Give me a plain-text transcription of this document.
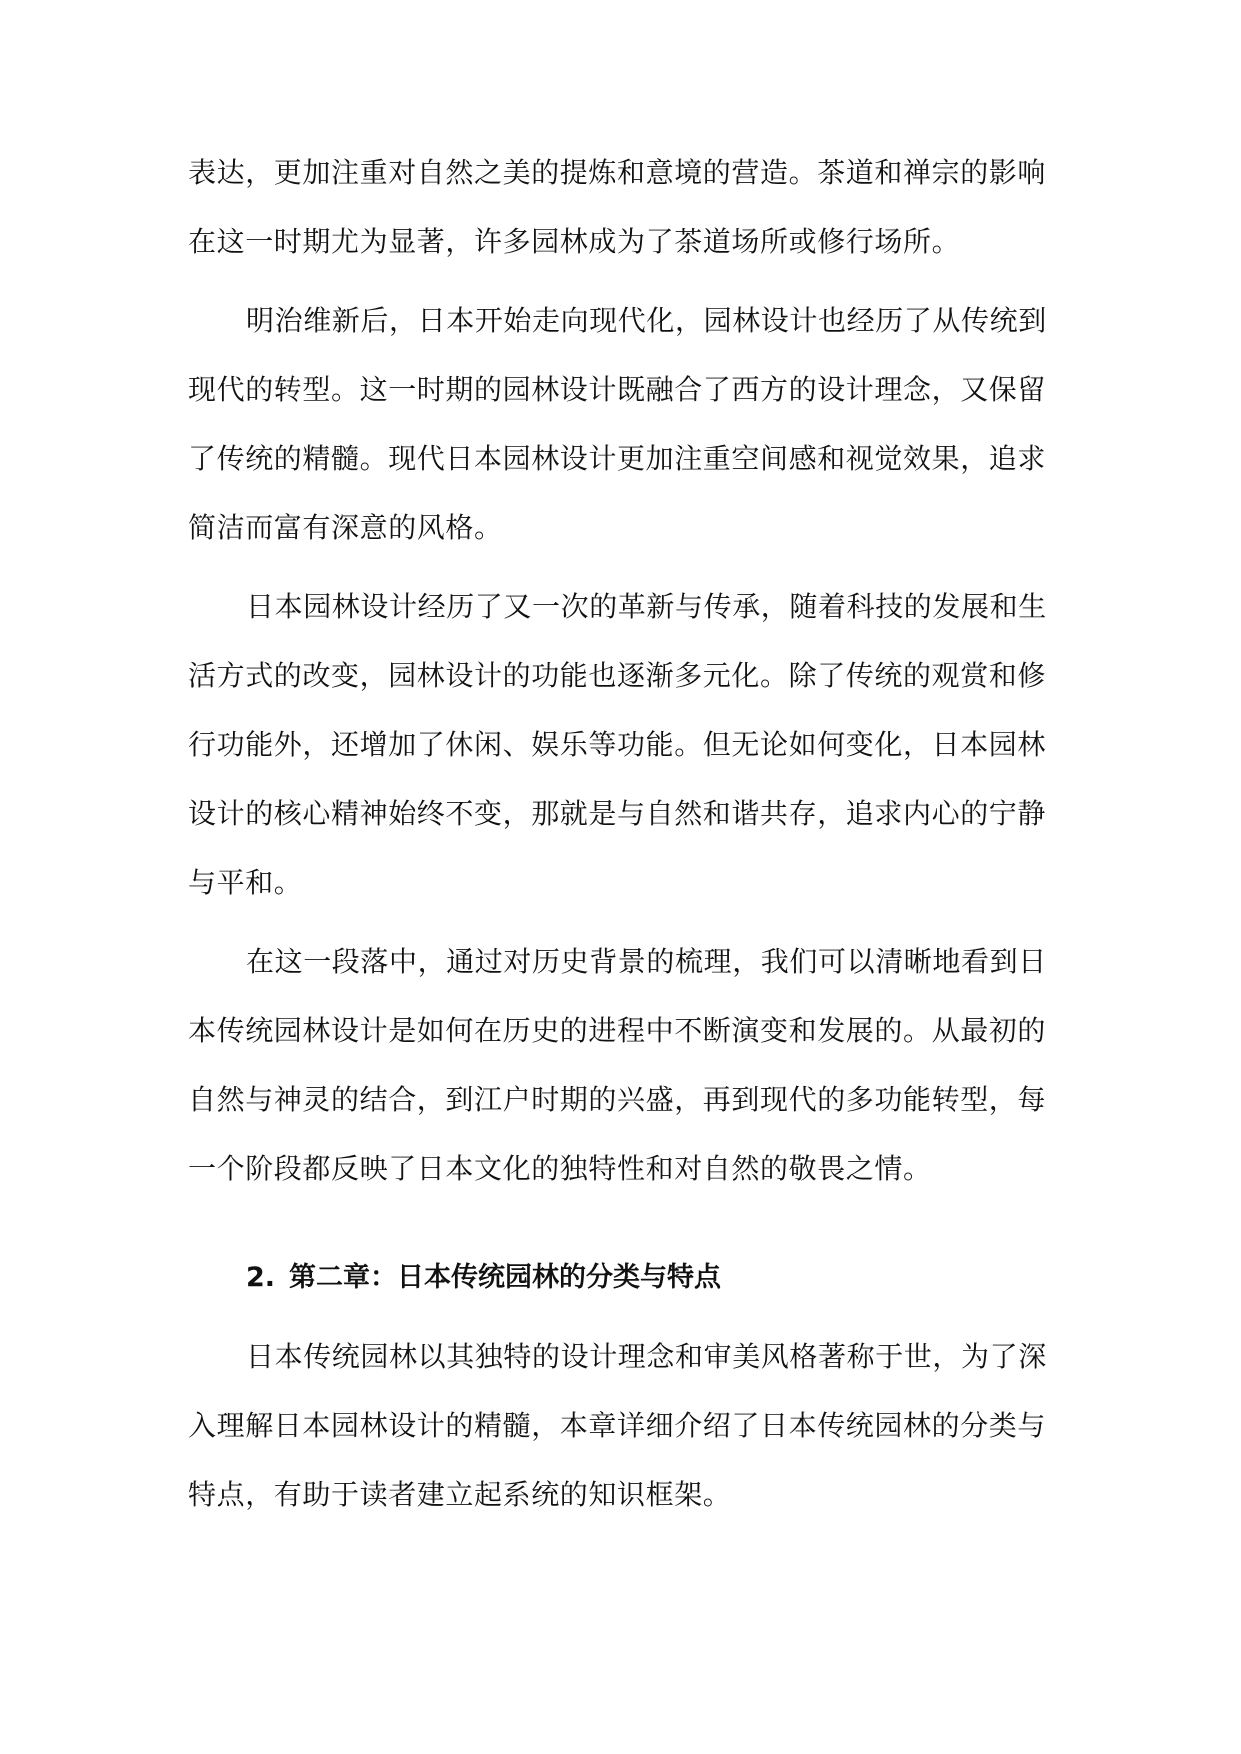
表达，更加注重对自然之美的提炼和意境的营造。茶道和禅宗的影响
在这一时期尤为显著，许多园林成为了茶道场所或修行场所。
明治维新后，日本开始走向现代化，园林设计也经历了从传统到
现代的转型。这一时期的园林设计既融合了西方的设计理念，又保留
了传统的精髓。现代日本园林设计更加注重空间感和视觉效果，追求
简洁而富有深意的风格。
日本园林设计经历了又一次的革新与传承，随着科技的发展和生
活方式的改变，园林设计的功能也逐渐多元化。除了传统的观赏和修
行功能外，还增加了休闲、娱乐等功能。但无论如何变化，日本园林
设计的核心精神始终不变，那就是与自然和谐共存，追求内心的宁静
与平和。
在这一段落中，通过对历史背景的梳理，我们可以清晰地看到日
本传统园林设计是如何在历史的进程中不断演变和发展的。从最初的
自然与神灵的结合，到江户时期的兴盛，再到现代的多功能转型，每
一个阶段都反映了日本文化的独特性和对自然的敬畏之情。
2. 第二章：日本传统园林的分类与特点
日本传统园林以其独特的设计理念和审美风格著称于世，为了深
入理解日本园林设计的精髓，本章详细介绍了日本传统园林的分类与
特点，有助于读者建立起系统的知识框架。
